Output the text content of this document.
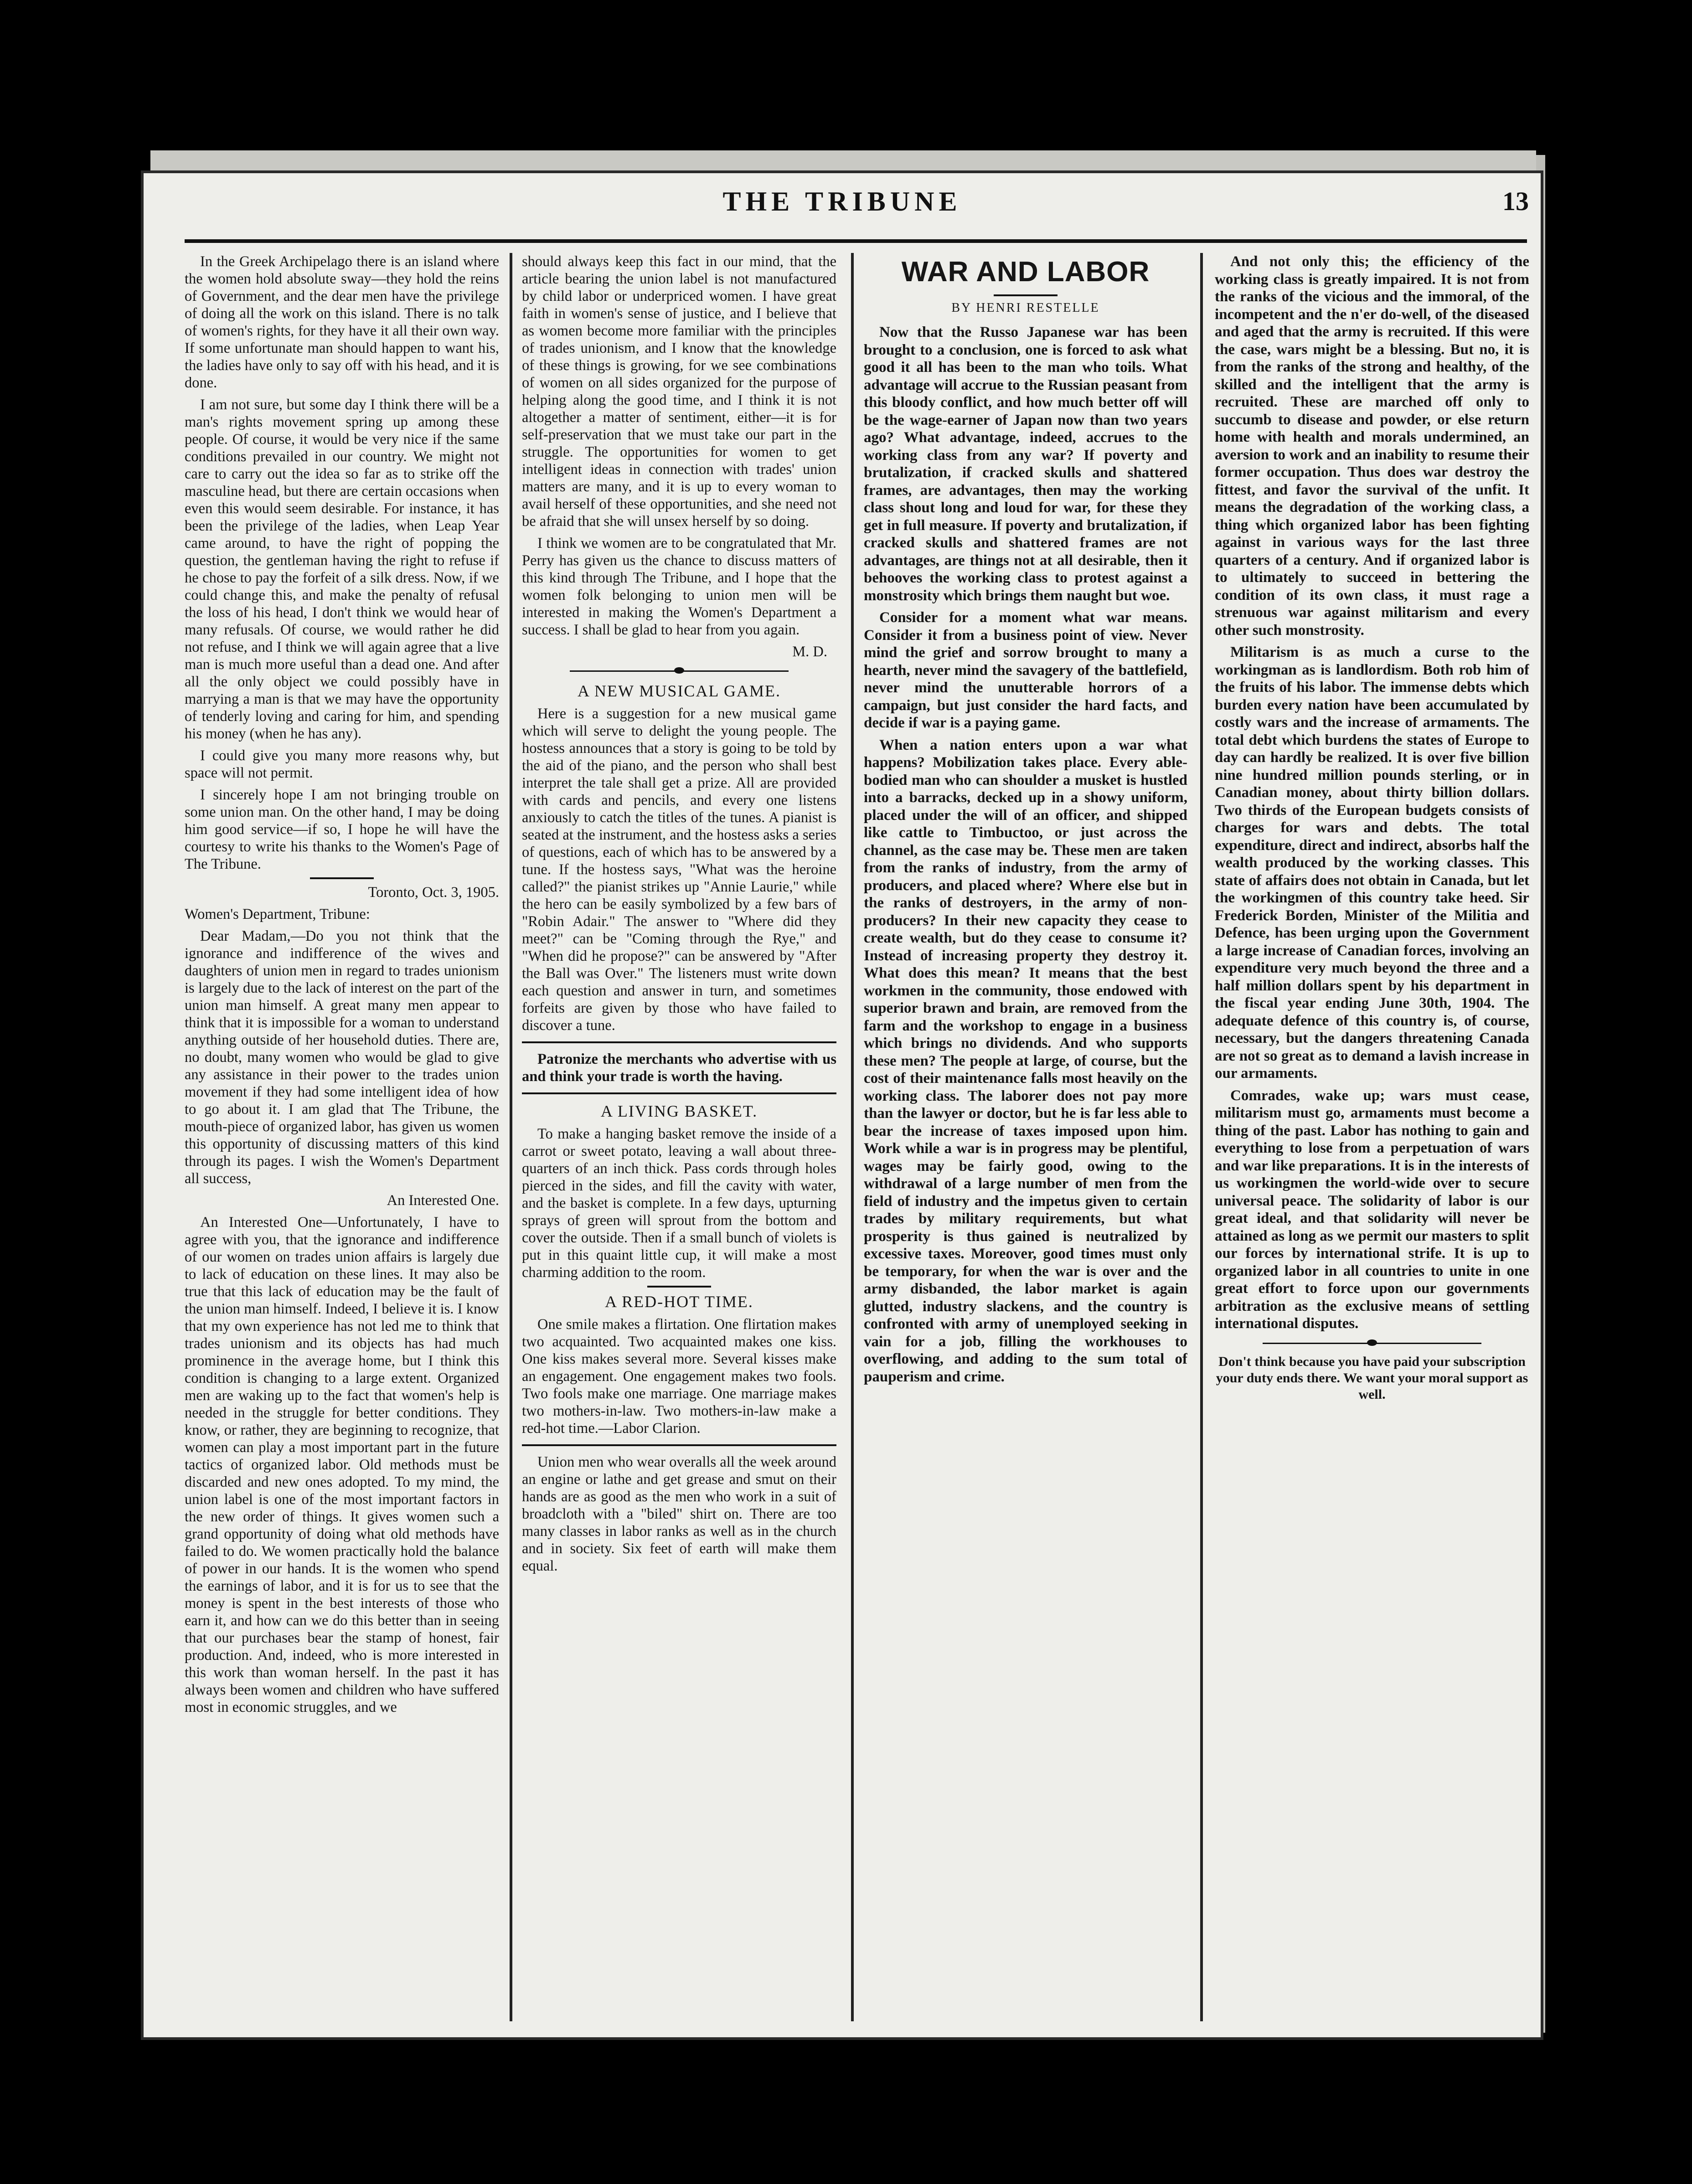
THE TRIBUNE	13

In the Greek Archipelago there is an island where the women hold absolute sway—they hold the reins of Government, and the dear men have the privilege of doing all the work on this island. There is no talk of women's rights, for they have it all their own way. If some unfortunate man should happen to want his, the ladies have only to say off with his head, and it is done.

I am not sure, but some day I think there will be a man's rights movement spring up among these people. Of course, it would be very nice if the same conditions prevailed in our country. We might not care to carry out the idea so far as to strike off the masculine head, but there are certain occasions when even this would seem desirable. For instance, it has been the privilege of the ladies, when Leap Year came around, to have the right of popping the question, the gentleman having the right to refuse if he chose to pay the forfeit of a silk dress. Now, if we could change this, and make the penalty of refusal the loss of his head, I don't think we would hear of many refusals. Of course, we would rather he did not refuse, and I think we will again agree that a live man is much more useful than a dead one. And after all the only object we could possibly have in marrying a man is that we may have the opportunity of tenderly loving and caring for him, and spending his money (when he has any).

I could give you many more reasons why, but space will not permit.

I sincerely hope I am not bringing trouble on some union man. On the other hand, I may be doing him good service—if so, I hope he will have the courtesy to write his thanks to the Women's Page of The Tribune.

Toronto, Oct. 3, 1905.

Women's Department, Tribune:

Dear Madam,—Do you not think that the ignorance and indifference of the wives and daughters of union men in regard to trades unionism is largely due to the lack of interest on the part of the union man himself. A great many men appear to think that it is impossible for a woman to understand anything outside of her household duties. There are, no doubt, many women who would be glad to give any assistance in their power to the trades union movement if they had some intelligent idea of how to go about it. I am glad that The Tribune, the mouth-piece of organized labor, has given us women this opportunity of discussing matters of this kind through its pages. I wish the Women's Department all success,

An Interested One.

An Interested One—Unfortunately, I have to agree with you, that the ignorance and indifference of our women on trades union affairs is largely due to lack of education on these lines. It may also be true that this lack of education may be the fault of the union man himself. Indeed, I believe it is. I know that my own experience has not led me to think that trades unionism and its objects has had much prominence in the average home, but I think this condition is changing to a large extent. Organized men are waking up to the fact that women's help is needed in the struggle for better conditions. They know, or rather, they are beginning to recognize, that women can play a most important part in the future tactics of organized labor. Old methods must be discarded and new ones adopted. To my mind, the union label is one of the most important factors in the new order of things. It gives women such a grand opportunity of doing what old methods have failed to do. We women practically hold the balance of power in our hands. It is the women who spend the earnings of labor, and it is for us to see that the money is spent in the best interests of those who earn it, and how can we do this better than in seeing that our purchases bear the stamp of honest, fair production. And, indeed, who is more interested in this work than woman herself. In the past it has always been women and children who have suffered most in economic struggles, and we

should always keep this fact in our mind, that the article bearing the union label is not manufactured by child labor or underpriced women. I have great faith in women's sense of justice, and I believe that as women become more familiar with the principles of trades unionism, and I know that the knowledge of these things is growing, for we see combinations of women on all sides organized for the purpose of helping along the good time, and I think it is not altogether a matter of sentiment, either—it is for self-preservation that we must take our part in the struggle. The opportunities for women to get intelligent ideas in connection with trades' union matters are many, and it is up to every woman to avail herself of these opportunities, and she need not be afraid that she will unsex herself by so doing.

I think we women are to be congratulated that Mr. Perry has given us the chance to discuss matters of this kind through The Tribune, and I hope that the women folk belonging to union men will be interested in making the Women's Department a success. I shall be glad to hear from you again.

M. D.

A NEW MUSICAL GAME.

Here is a suggestion for a new musical game which will serve to delight the young people. The hostess announces that a story is going to be told by the aid of the piano, and the person who shall best interpret the tale shall get a prize. All are provided with cards and pencils, and every one listens anxiously to catch the titles of the tunes. A pianist is seated at the instrument, and the hostess asks a series of questions, each of which has to be answered by a tune. If the hostess says, "What was the heroine called?" the pianist strikes up "Annie Laurie," while the hero can be easily symbolized by a few bars of "Robin Adair." The answer to "Where did they meet?" can be "Coming through the Rye," and "When did he propose?" can be answered by "After the Ball was Over." The listeners must write down each question and answer in turn, and sometimes forfeits are given by those who have failed to discover a tune.

Patronize the merchants who advertise with us and think your trade is worth the having.

A LIVING BASKET.

To make a hanging basket remove the inside of a carrot or sweet potato, leaving a wall about three-quarters of an inch thick. Pass cords through holes pierced in the sides, and fill the cavity with water, and the basket is complete. In a few days, upturning sprays of green will sprout from the bottom and cover the outside. Then if a small bunch of violets is put in this quaint little cup, it will make a most charming addition to the room.

A RED-HOT TIME.

One smile makes a flirtation. One flirtation makes two acquainted. Two acquainted makes one kiss. One kiss makes several more. Several kisses make an engagement. One engagement makes two fools. Two fools make one marriage. One marriage makes two mothers-in-law. Two mothers-in-law make a red-hot time.—Labor Clarion.

Union men who wear overalls all the week around an engine or lathe and get grease and smut on their hands are as good as the men who work in a suit of broadcloth with a "biled" shirt on. There are too many classes in labor ranks as well as in the church and in society. Six feet of earth will make them equal.

WAR AND LABOR
BY HENRI RESTELLE

Now that the Russo Japanese war has been brought to a conclusion, one is forced to ask what good it all has been to the man who toils. What advantage will accrue to the Russian peasant from this bloody conflict, and how much better off will be the wage-earner of Japan now than two years ago? What advantage, indeed, accrues to the working class from any war? If poverty and brutalization, if cracked skulls and shattered frames, are advantages, then may the working class shout long and loud for war, for these they get in full measure. If poverty and brutalization, if cracked skulls and shattered frames are not advantages, are things not at all desirable, then it behooves the working class to protest against a monstrosity which brings them naught but woe.

Consider for a moment what war means. Consider it from a business point of view. Never mind the grief and sorrow brought to many a hearth, never mind the savagery of the battlefield, never mind the unutterable horrors of a campaign, but just consider the hard facts, and decide if war is a paying game.

When a nation enters upon a war what happens? Mobilization takes place. Every able-bodied man who can shoulder a musket is hustled into a barracks, decked up in a showy uniform, placed under the will of an officer, and shipped like cattle to Timbuctoo, or just across the channel, as the case may be. These men are taken from the ranks of industry, from the army of producers, and placed where? Where else but in the ranks of destroyers, in the army of non-producers? In their new capacity they cease to create wealth, but do they cease to consume it? Instead of increasing property they destroy it. What does this mean? It means that the best workmen in the community, those endowed with superior brawn and brain, are removed from the farm and the workshop to engage in a business which brings no dividends. And who supports these men? The people at large, of course, but the cost of their maintenance falls most heavily on the working class. The laborer does not pay more than the lawyer or doctor, but he is far less able to bear the increase of taxes imposed upon him. Work while a war is in progress may be plentiful, wages may be fairly good, owing to the withdrawal of a large number of men from the field of industry and the impetus given to certain trades by military requirements, but what prosperity is thus gained is neutralized by excessive taxes. Moreover, good times must only be temporary, for when the war is over and the army disbanded, the labor market is again glutted, industry slackens, and the country is confronted with army of unemployed seeking in vain for a job, filling the workhouses to overflowing, and adding to the sum total of pauperism and crime.

And not only this; the efficiency of the working class is greatly impaired. It is not from the ranks of the vicious and the immoral, of the incompetent and the n'er do-well, of the diseased and aged that the army is recruited. If this were the case, wars might be a blessing. But no, it is from the ranks of the strong and healthy, of the skilled and the intelligent that the army is recruited. These are marched off only to succumb to disease and powder, or else return home with health and morals undermined, an aversion to work and an inability to resume their former occupation. Thus does war destroy the fittest, and favor the survival of the unfit. It means the degradation of the working class, a thing which organized labor has been fighting against in various ways for the last three quarters of a century. And if organized labor is to ultimately to succeed in bettering the condition of its own class, it must rage a strenuous war against militarism and every other such monstrosity.

Militarism is as much a curse to the workingman as is landlordism. Both rob him of the fruits of his labor. The immense debts which burden every nation have been accumulated by costly wars and the increase of armaments. The total debt which burdens the states of Europe to day can hardly be realized. It is over five billion nine hundred million pounds sterling, or in Canadian money, about thirty billion dollars. Two thirds of the European budgets consists of charges for wars and debts. The total expenditure, direct and indirect, absorbs half the wealth produced by the working classes. This state of affairs does not obtain in Canada, but let the workingmen of this country take heed. Sir Frederick Borden, Minister of the Militia and Defence, has been urging upon the Government a large increase of Canadian forces, involving an expenditure very much beyond the three and a half million dollars spent by his department in the fiscal year ending June 30th, 1904. The adequate defence of this country is, of course, necessary, but the dangers threatening Canada are not so great as to demand a lavish increase in our armaments.

Comrades, wake up; wars must cease, militarism must go, armaments must become a thing of the past. Labor has nothing to gain and everything to lose from a perpetuation of wars and war like preparations. It is in the interests of us workingmen the world-wide over to secure universal peace. The solidarity of labor is our great ideal, and that solidarity will never be attained as long as we permit our masters to split our forces by international strife. It is up to organized labor in all countries to unite in one great effort to force upon our governments arbitration as the exclusive means of settling international disputes.

Don't think because you have paid your subscription your duty ends there. We want your moral support as well.
